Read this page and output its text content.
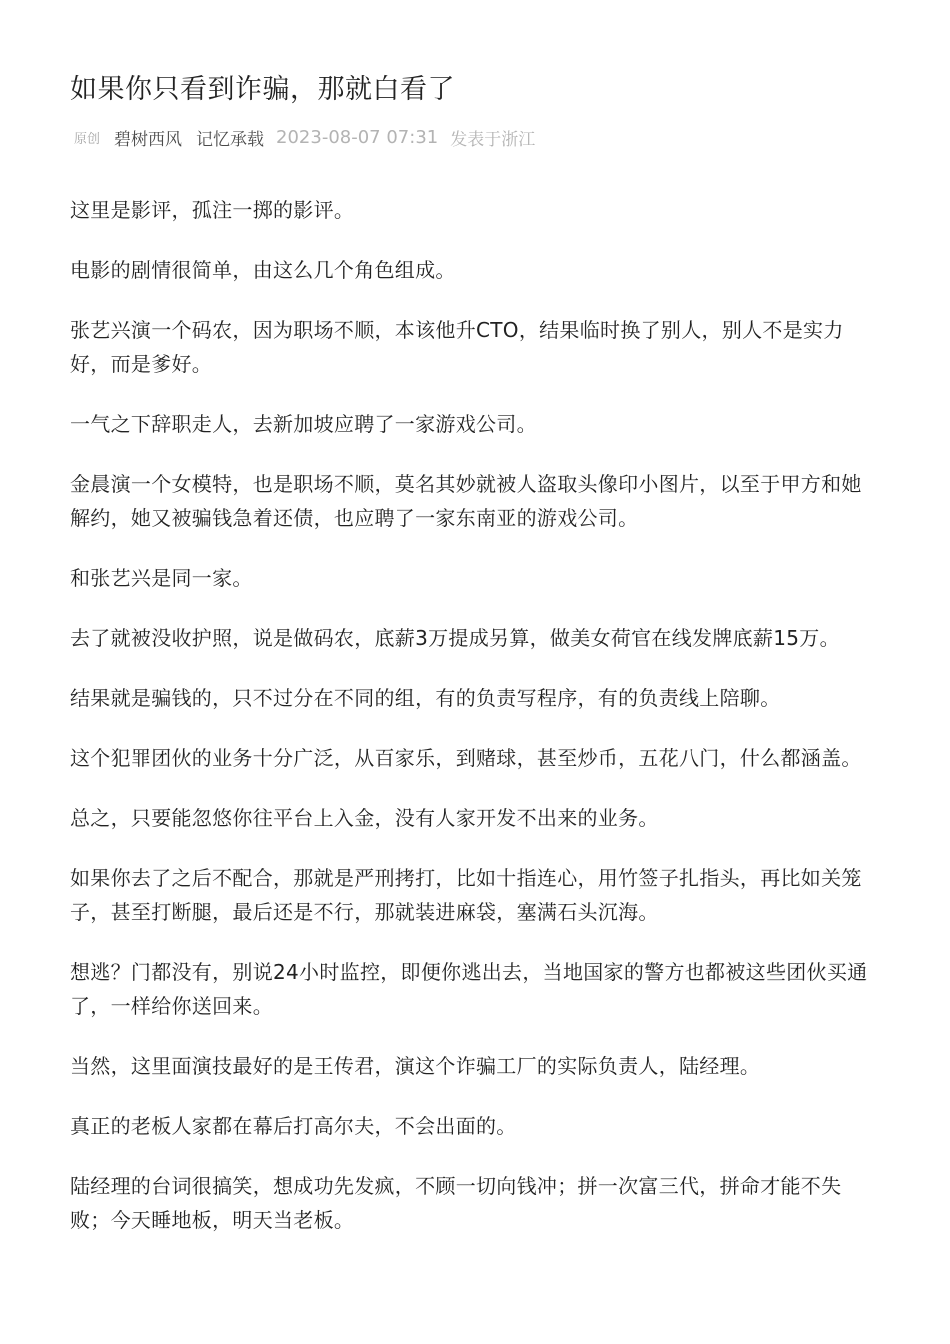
如果你只看到诈骗，那就白看了
原创 碧树西风 记忆承载 2023-08-07 07:31 发表于浙江

这里是影评，孤注一掷的影评。

电影的剧情很简单，由这么几个角色组成。

张艺兴演一个码农，因为职场不顺，本该他升CTO，结果临时换了别人，别人不是实力好，而是爹好。

一气之下辞职走人，去新加坡应聘了一家游戏公司。

金晨演一个女模特，也是职场不顺，莫名其妙就被人盗取头像印小图片，以至于甲方和她解约，她又被骗钱急着还债，也应聘了一家东南亚的游戏公司。

和张艺兴是同一家。

去了就被没收护照，说是做码农，底薪3万提成另算，做美女荷官在线发牌底薪15万。

结果就是骗钱的，只不过分在不同的组，有的负责写程序，有的负责线上陪聊。

这个犯罪团伙的业务十分广泛，从百家乐，到赌球，甚至炒币，五花八门，什么都涵盖。

总之，只要能忽悠你往平台上入金，没有人家开发不出来的业务。

如果你去了之后不配合，那就是严刑拷打，比如十指连心，用竹签子扎指头，再比如关笼子，甚至打断腿，最后还是不行，那就装进麻袋，塞满石头沉海。

想逃？门都没有，别说24小时监控，即便你逃出去，当地国家的警方也都被这些团伙买通了，一样给你送回来。

当然，这里面演技最好的是王传君，演这个诈骗工厂的实际负责人，陆经理。

真正的老板人家都在幕后打高尔夫，不会出面的。

陆经理的台词很搞笑，想成功先发疯，不顾一切向钱冲；拼一次富三代，拼命才能不失败；今天睡地板，明天当老板。
